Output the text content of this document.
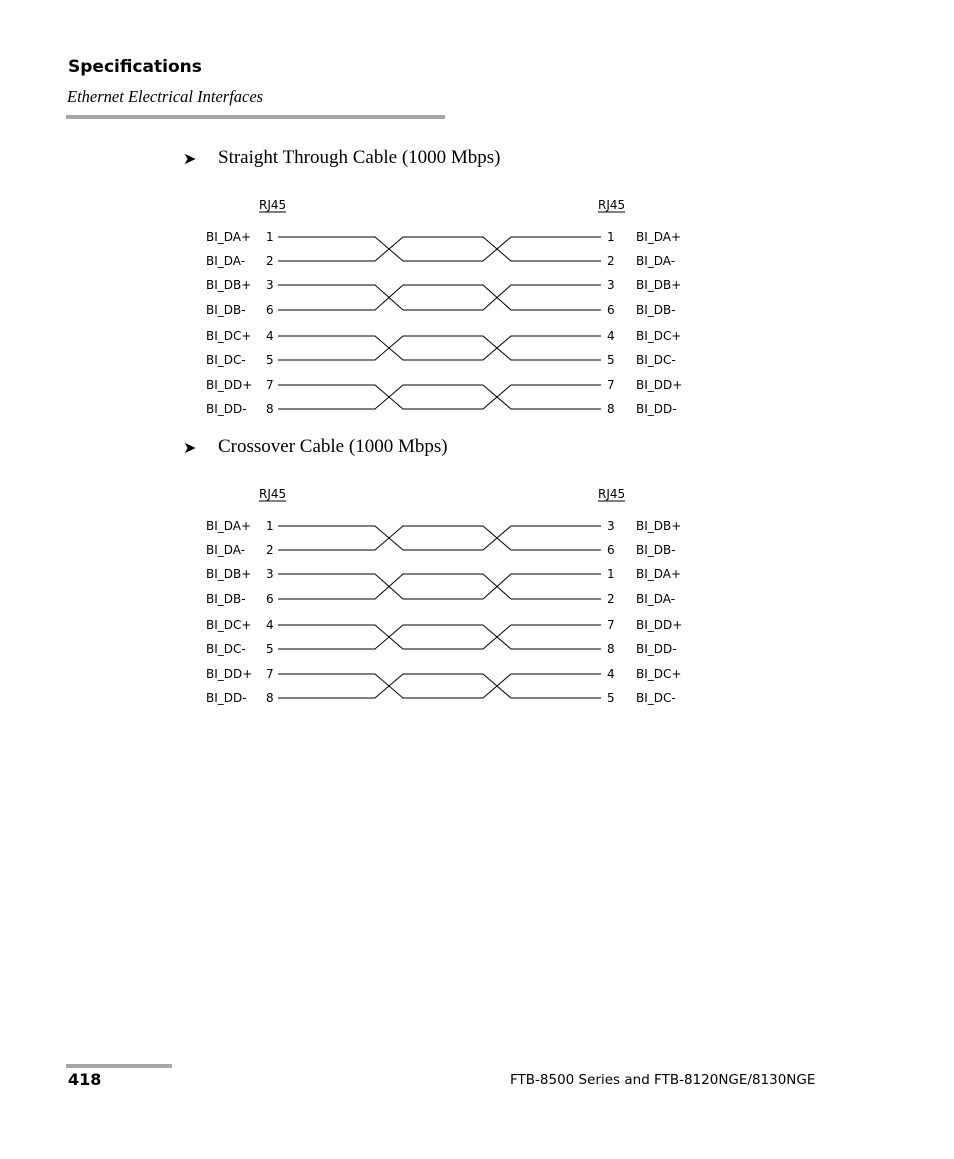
Specifications
Ethernet Electrical Interfaces
➤ Straight Through Cable (1000 Mbps)
RJ45	RJ45
BI_DA+ 1	1 BI_DA+
BI_DA- 2	2 BI_DA-
BI_DB+ 3	3 BI_DB+
BI_DB- 6	6 BI_DB-
BI_DC+ 4	4 BI_DC+
BI_DC- 5	5 BI_DC-
BI_DD+ 7	7 BI_DD+
BI_DD- 8	8 BI_DD-
➤ Crossover Cable (1000 Mbps)
RJ45	RJ45
BI_DA+ 1	3 BI_DB+
BI_DA- 2	6 BI_DB-
BI_DB+ 3	1 BI_DA+
BI_DB- 6	2 BI_DA-
BI_DC+ 4	7 BI_DD+
BI_DC- 5	8 BI_DD-
BI_DD+ 7	4 BI_DC+
BI_DD- 8	5 BI_DC-
418	FTB-8500 Series and FTB-8120NGE/8130NGE
